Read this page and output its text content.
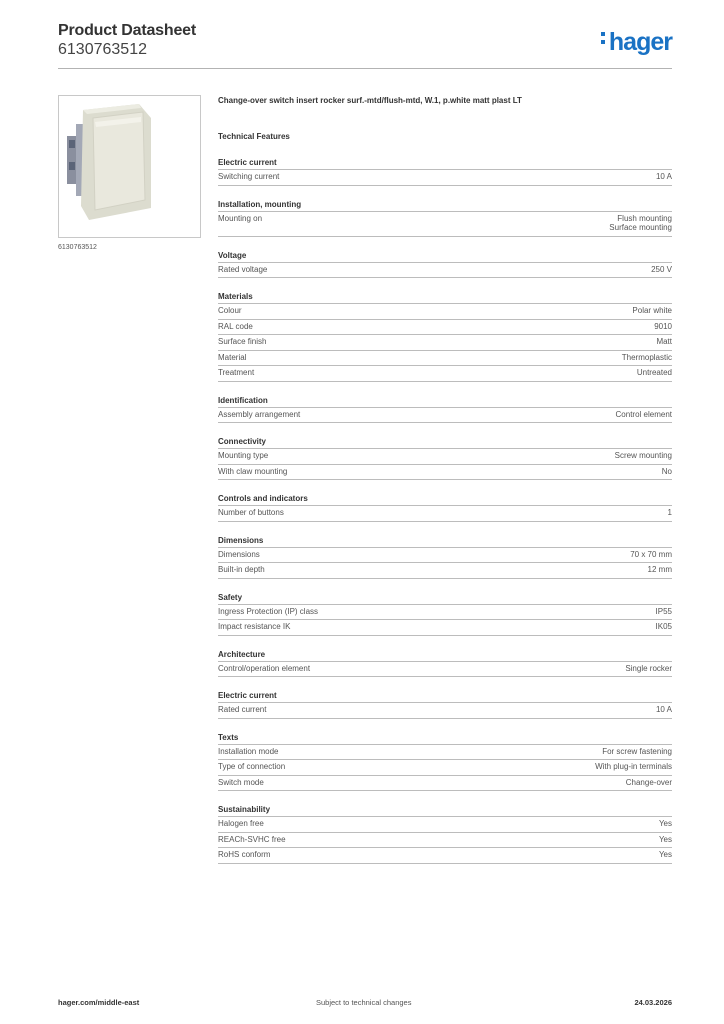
Product Datasheet
6130763512	hager
6130763512
Change-over switch insert rocker surf.-mtd/flush-mtd, W.1, p.white matt plast LT
Technical Features
Electric current
Switching current	10 A
Installation, mounting
Mounting on	Flush mounting
Surface mounting
Voltage
Rated voltage	250 V
Materials
Colour	Polar white
RAL code	9010
Surface finish	Matt
Material	Thermoplastic
Treatment	Untreated
Identification
Assembly arrangement	Control element
Connectivity
Mounting type	Screw mounting
With claw mounting	No
Controls and indicators
Number of buttons	1
Dimensions
Dimensions	70 x 70 mm
Built-in depth	12 mm
Safety
Ingress Protection (IP) class	IP55
Impact resistance IK	IK05
Architecture
Control/operation element	Single rocker
Electric current
Rated current	10 A
Texts
Installation mode	For screw fastening
Type of connection	With plug-in terminals
Switch mode	Change-over
Sustainability
Halogen free	Yes
REACh-SVHC free	Yes
RoHS conform	Yes
hager.com/middle-east	Subject to technical changes	24.03.2026
